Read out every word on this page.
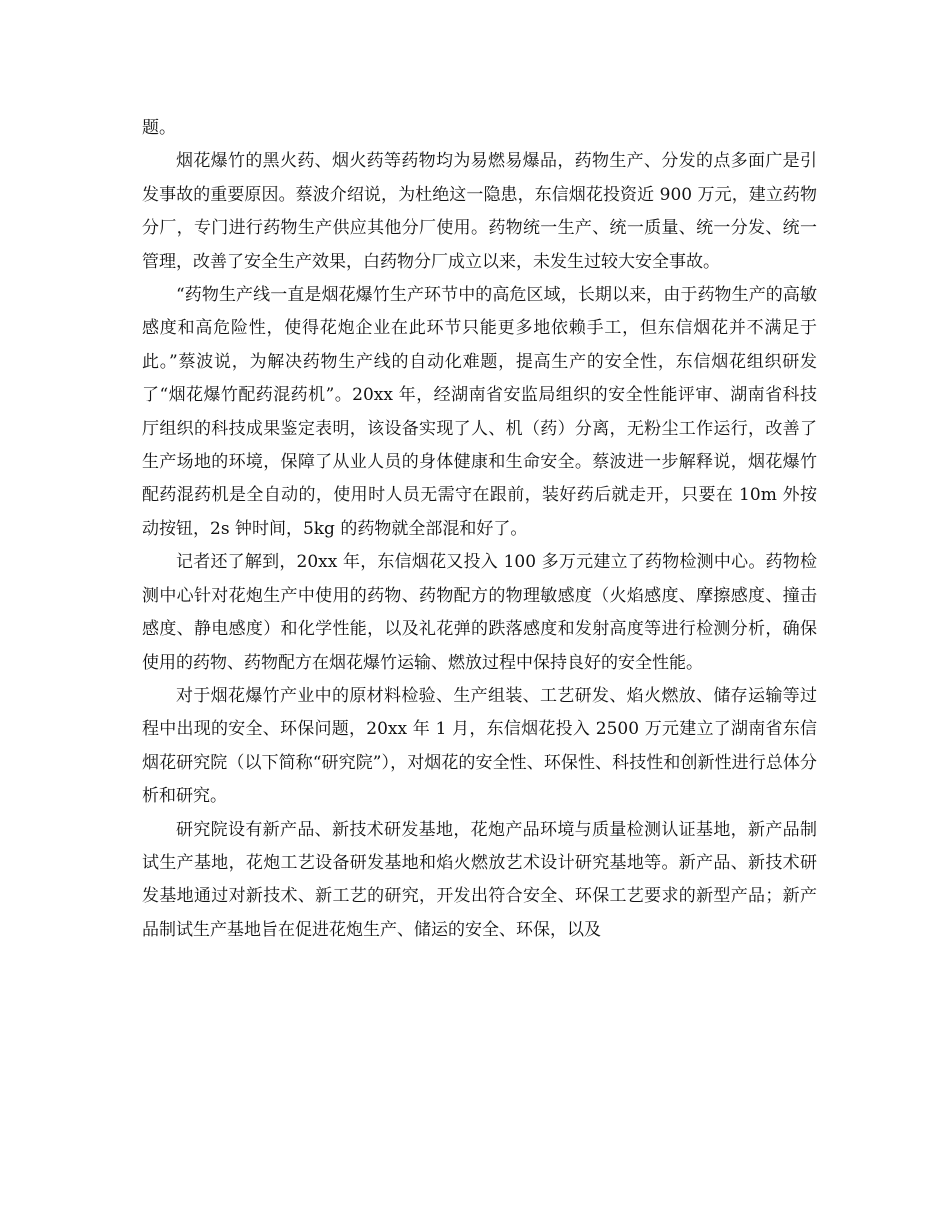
题。

烟花爆竹的黑火药、烟火药等药物均为易燃易爆品，药物生产、分发的点多面广是引发事故的重要原因。蔡波介绍说，为杜绝这一隐患，东信烟花投资近 900 万元，建立药物分厂，专门进行药物生产供应其他分厂使用。药物统一生产、统一质量、统一分发、统一管理，改善了安全生产效果，白药物分厂成立以来，未发生过较大安全事故。

“药物生产线一直是烟花爆竹生产环节中的高危区域，长期以来，由于药物生产的高敏感度和高危险性，使得花炮企业在此环节只能更多地依赖手工，但东信烟花并不满足于此。”蔡波说，为解决药物生产线的自动化难题，提高生产的安全性，东信烟花组织研发了“烟花爆竹配药混药机”。20xx 年，经湖南省安监局组织的安全性能评审、湖南省科技厅组织的科技成果鉴定表明，该设备实现了人、机（药）分离，无粉尘工作运行，改善了生产场地的环境，保障了从业人员的身体健康和生命安全。蔡波进一步解释说，烟花爆竹配药混药机是全自动的，使用时人员无需守在跟前，装好药后就走开，只要在 10m 外按动按钮，2s 钟时间，5kg 的药物就全部混和好了。

记者还了解到，20xx 年，东信烟花又投入 100 多万元建立了药物检测中心。药物检测中心针对花炮生产中使用的药物、药物配方的物理敏感度（火焰感度、摩擦感度、撞击感度、静电感度）和化学性能，以及礼花弹的跌落感度和发射高度等进行检测分析，确保使用的药物、药物配方在烟花爆竹运输、燃放过程中保持良好的安全性能。

对于烟花爆竹产业中的原材料检验、生产组装、工艺研发、焰火燃放、储存运输等过程中出现的安全、环保问题，20xx 年 1 月，东信烟花投入 2500 万元建立了湖南省东信烟花研究院（以下简称“研究院”），对烟花的安全性、环保性、科技性和创新性进行总体分析和研究。

研究院设有新产品、新技术研发基地，花炮产品环境与质量检测认证基地，新产品制试生产基地，花炮工艺设备研发基地和焰火燃放艺术设计研究基地等。新产品、新技术研发基地通过对新技术、新工艺的研究，开发出符合安全、环保工艺要求的新型产品；新产品制试生产基地旨在促进花炮生产、储运的安全、环保，以及
